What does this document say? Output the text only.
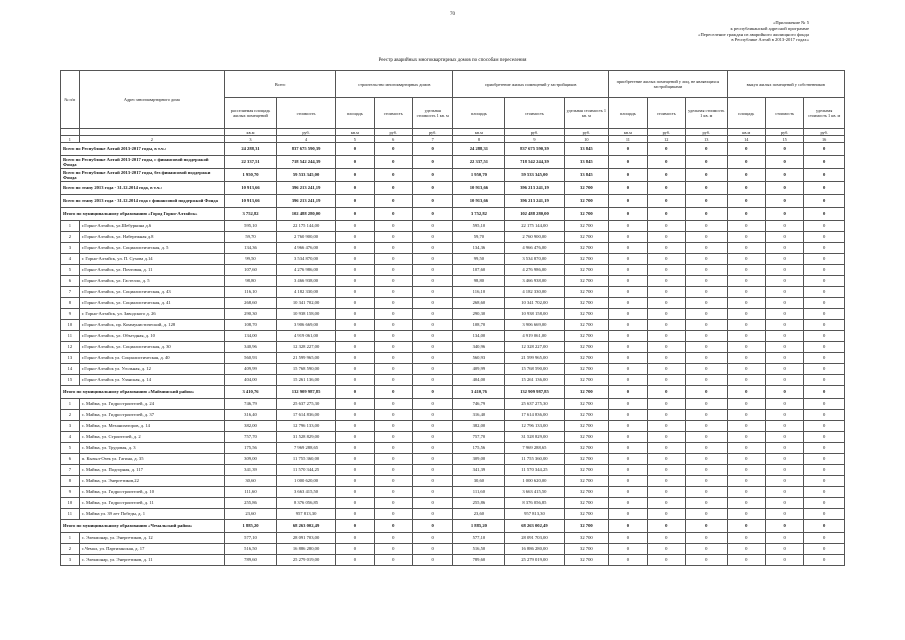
70
«Приложение № 5
к республиканской адресной программе
«Переселение граждан из аварийного жилищного фонда
в Республике Алтай в 2013-2017 годах»
Реестр аварийных многоквартирных домов по способам переселения
№ п/п	Адрес многоквартирного дома	Всего		строительство многоквартирных домов			приобретение жилых помещений у застройщиков			приобретение жилых помещений у лиц, не являющихся застройщиками			выкуп жилых помещений у собственников		
		расселяемая площадь жилых помещений	стоимость	площадь	стоимость	удельная стоимость 1 кв. м	площадь	стоимость	удельная стоимость 1 кв. м	площадь	стоимость	удельная стоимость 1 кв. м	площадь	стоимость	удельная стоимость 1 кв. м
		кв.м	руб.	кв.м	руб.	руб.	кв.м	руб.	руб.	кв.м	руб.	руб.	кв.м	руб.	руб.
1	2	3	4	5	6	7	8	9	10	11	12	13	14	15	16
Всего по Республике Алтай 2013-2017 годы, в т.ч.:		24 288,31	837 675 590,39	0	0	0	24 288,31	837 675 590,39	33 845	0	0	0	0	0	0
Всего по Республике Алтай 2013-2017 годы, с финансовой поддержкой Фонда		22 337,51	718 542 244,39	0	0	0	22 337,51	718 542 244,39	33 845	0	0	0	0	0	0
Всего по Республике Алтай 2013-2017 годы, без финансовой поддержки Фонда		1 950,70	59 533 345,00	0	0	0	1 950,70	59 533 345,00	33 845	0	0	0	0	0	0
Всего по этапу 2013 года - 31.12.2014 года, в т.ч.:		10 913,66	396 213 241,19	0	0	0	10 913,66	396 213 241,19	32 700	0	0	0	0	0	0
Всего по этапу 2013 года - 31.12.2014 года с финансовой поддержкой Фонда		10 913,66	396 213 241,19	0	0	0	10 913,66	396 213 241,19	32 700	0	0	0	0	0	0
Итого по муниципальному образованию «Город Горно-Алтайск»		3 752,82	102 488 280,00	0	0	0	3 752,82	102 488 280,00	32 700	0	0	0	0	0	0
1	г.Горно-Алтайск, ул.Шебуркина д.6	595,10	22 175 144,00	0	0	0	595,10	22 175 144,00	32 700	0	0	0	0	0	0
2	г.Горно-Алтайск, ул. Набережная д.8	59,70	2 760 900,00	0	0	0	59,70	2 760 900,00	32 700	0	0	0	0	0	0
3	г.Горно-Алтайск, ул. Социалистическая, д. 5	134,36	4 966 476,00	0	0	0	134,36	4 966 476,00	32 700	0	0	0	0	0	0
4	г. Горно-Алтайск, ул. П. Сухова д.14	99,50	3 534 870,00	0	0	0	99,50	3 534 870,00	32 700	0	0	0	0	0	0
5	г.Горно-Алтайск, ул. Почтовая, д. 11	107,60	4 276 986,00	0	0	0	107,60	4 276 986,00	32 700	0	0	0	0	0	0
6	г.Горно-Алтайск, ул. Гастелло, д. 5	98,80	3 466 938,00	0	0	0	98,80	3 466 938,00	32 700	0	0	0	0	0	0
7	г.Горно-Алтайск, ул. Социалистическая, д. 43	116,10	4 182 330,00	0	0	0	116,10	4 182 330,00	32 700	0	0	0	0	0	0
8	г.Горно-Алтайск, ул. Социалистическая, д. 41	268,60	10 341 702,00	0	0	0	268,60	10 341 702,00	32 700	0	0	0	0	0	0
9	г. Горно-Алтайск, ул. Заводского д. 26	290,30	10 938 158,00	0	0	0	290,30	10 938 158,00	32 700	0	0	0	0	0	0
10	г.Горно-Алтайск, пр. Коммунистический, д. 128	108,70	3 906 669,00	0	0	0	108,70	3 906 669,00	32 700	0	0	0	0	0	0
11	г.Горно-Алтайск, ул. Объездная, д. 10	134,00	4 919 061,00	0	0	0	134,00	4 919 061,00	32 700	0	0	0	0	0	0
12	г.Горно-Алтайск, ул. Социалистическая, д. 30	340,96	12 328 227,00	0	0	0	340,96	12 328 227,00	32 700	0	0	0	0	0	0
13	г.Горно-Алтайск ул. Социалистическая, д. 40	560,93	21 599 965,00	0	0	0	560,93	21 599 965,00	32 700	0	0	0	0	0	0
14	г.Горно-Алтайск ул. Угольная, д. 12	409,99	15 768 590,00	0	0	0	409,99	15 768 590,00	32 700	0	0	0	0	0	0
15	г.Горно-Алтайск ул. Уланская, д. 14	404,00	15 261 136,00	0	0	0	404,00	15 261 136,00	32 700	0	0	0	0	0	0
Итого по муниципальному образованию «Майминский район»		3 410,76	132 909 987,85	0	0	0	3 410,76	132 909 987,85	32 700	0	0	0	0	0	0
1	с. Майма, ул. Гидростроителей, д. 24	746,79	25 637 275,30	0	0	0	746,79	25 637 275,30	32 700	0	0	0	0	0	0
2	с. Майма, ул. Гидростроителей, д. 37	316,40	17 614 836,00	0	0	0	316,40	17 614 836,00	32 700	0	0	0	0	0	0
3	с. Майма, ул. Механизаторов, д. 14	382,00	12 796 133,00	0	0	0	382,00	12 796 133,00	32 700	0	0	0	0	0	0
4	с. Майма, ул. Строителей, д. 2	757,70	31 528 829,00	0	0	0	757,70	31 528 829,00	32 700	0	0	0	0	0	0
5	с. Майма, ул. Трудовая, д. 3	175,56	7 969 288,65	0	0	0	175,56	7 969 288,65	32 700	0	0	0	0	0	0
6	п. Кызыл-Озек ул. Гагина, д. 35	309,00	11 755 360,00	0	0	0	309,00	11 755 360,00	32 700	0	0	0	0	0	0
7	с. Майма, ул. Подгорная, д. 117	341,39	11 570 344,25	0	0	0	341,39	11 570 344,25	32 700	0	0	0	0	0	0
8	с. Майма, ул. Энергетиков,22	30,60	1 000 620,00	0	0	0	30,60	1 000 620,00	32 700	0	0	0	0	0	0
9	с. Майма, ул. Гидростроителей, д. 10	111,60	3 663 415,50	0	0	0	111,60	3 663 415,50	32 700	0	0	0	0	0	0
10	с. Майма, ул. Гидростроителей, д. 11	255,86	8 376 056,85	0	0	0	255,86	8 376 056,85	32 700	0	0	0	0	0	0
11	с. Майма ул. 39 лет Победы, д. 1	23,60	957 813,30	0	0	0	23,60	957 813,30	32 700	0	0	0	0	0	0
Итого по муниципальному образованию «Чемальский район»		1 885,20	68 263 002,49	0	0	0	1 885,20	68 263 002,49	32 700	0	0	0	0	0	0
1	с. Элекмонар, ул. Энергетиков, д. 12	577,10	28 091 703,00	0	0	0	577,10	28 091 703,00	32 700	0	0	0	0	0	0
2	с.Чемал, ул. Партизанская, д. 17	516,50	16 886 280,00	0	0	0	516,50	16 886 280,00	32 700	0	0	0	0	0	0
3	с. Элекмонар, ул. Энергетиков, д. 11	789,60	25 279 019,00	0	0	0	789,60	25 279 019,00	32 700	0	0	0	0	0	0
